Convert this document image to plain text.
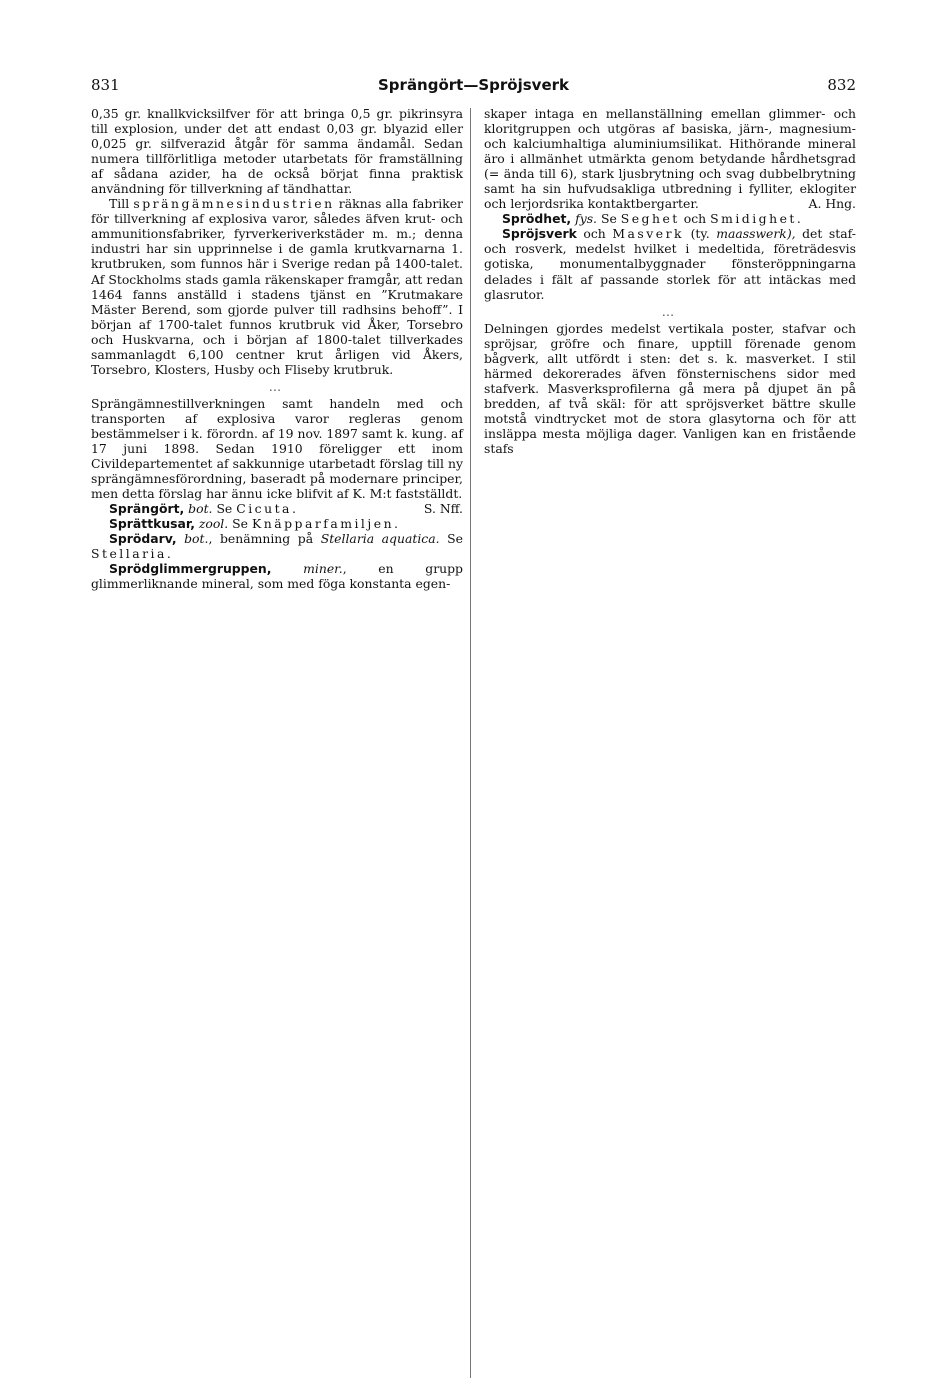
831	Sprängört—Spröjsverk	832

0,35 gr. knallkvicksilfver för att bringa 0,5 gr. pikrinsyra till explosion, under det att endast 0,03 gr. blyazid eller 0,025 gr. silfverazid åtgår för samma ändamål. Sedan numera tillförlitliga metoder utarbetats för framställning af sådana azider, ha de också börjat finna praktisk användning för tillverkning af tändhattar.

Till sprängämnesindustrien räknas alla fabriker för tillverkning af explosiva varor, således äfven krut- och ammunitionsfabriker, fyrverkeriverkstäder m. m.; denna industri har sin upprinnelse i de gamla krutkvarnarna 1. krutbruken, som funnos här i Sverige redan på 1400-talet. Af Stockholms stads gamla räkenskaper framgår, att redan 1464 fanns anställd i stadens tjänst en ”Krutmakare Mäster Berend, som gjorde pulver till radhsins behoff”. I början af 1700-talet funnos krutbruk vid Åker, Torsebro och Huskvarna, och i början af 1800-talet tillverkades sammanlagdt 6,100 centner krut årligen vid Åkers, Torsebro, Klosters, Husby och Fliseby krutbruk.

…

Sprängämnestillverkningen samt handeln med och transporten af explosiva varor regleras genom bestämmelser i k. förordn. af 19 nov. 1897 samt k. kung. af 17 juni 1898. Sedan 1910 föreligger ett inom Civildepartementet af sakkunnige utarbetadt förslag till ny sprängämnesförordning, baseradt på modernare principer, men detta förslag har ännu icke blifvit af K. M:t fastställdt.
S. Nff.

Sprängört, bot. Se Cicuta.

Sprättkusar, zool. Se Knäpparfamiljen.

Sprödarv, bot., benämning på Stellaria aquatica. Se Stellaria.

Sprödglimmergruppen,	miner., en grupp glimmerliknande mineral, som med föga konstanta egen-

skaper intaga en mellanställning emellan glimmer- och kloritgruppen och utgöras af basiska, järn-, magnesium- och kalciumhaltiga aluminiumsilikat. Hithörande mineral äro i allmänhet utmärkta genom betydande hårdhetsgrad (= ända till 6), stark ljusbrytning och svag dubbelbrytning samt ha sin hufvudsakliga utbredning i fylliter, eklogiter och lerjordsrika kontaktbergarter.	A. Hng.

Sprödhet, fys. Se Seghet och Smidighet.

Spröjsverk och Masverk (ty. maasswerk), det staf- och rosverk, medelst hvilket i medeltida, företrädesvis gotiska, monumentalbyggnader fönsteröppningarna delades i fält af passande storlek för att intäckas med glasrutor.

…

Delningen gjordes medelst vertikala poster, stafvar och spröjsar, gröfre och finare, upptill förenade genom bågverk, allt utfördt i sten: det s. k. masverket. I stil härmed dekorerades äfven fönsternischens sidor med stafverk. Masverksprofilerna gå mera på djupet än på bredden, af två skäl: för att spröjsverket bättre skulle motstå vindtrycket mot de stora glasytorna och för att insläppa mesta möjliga dager. Vanligen kan en fristående stafs
